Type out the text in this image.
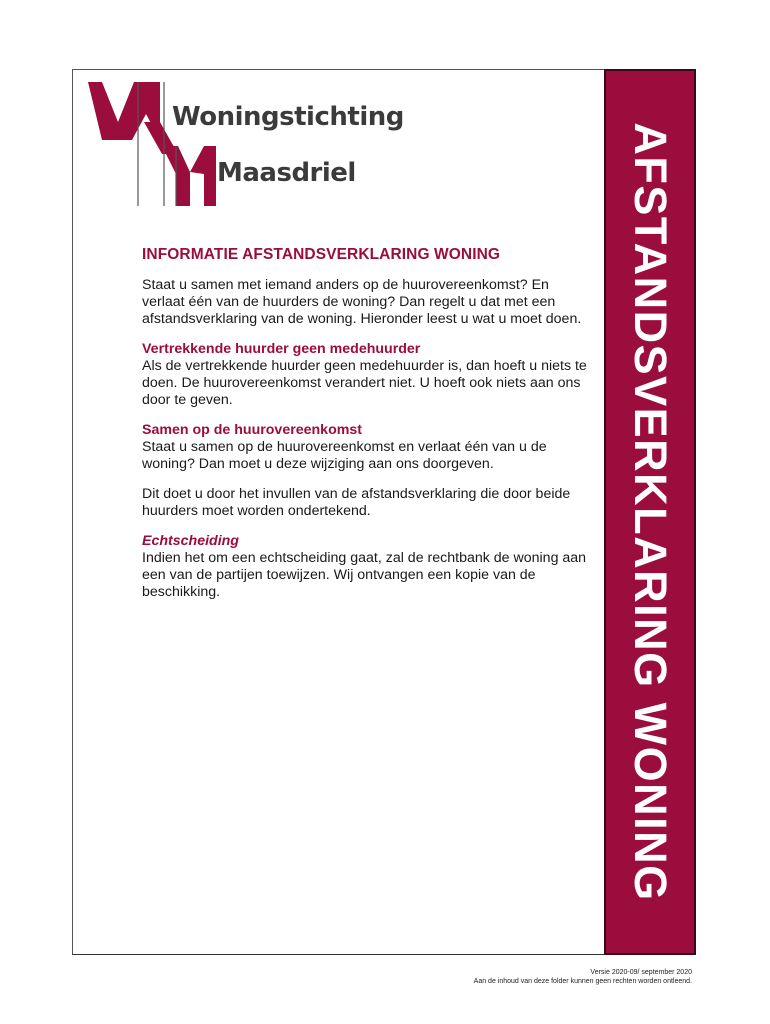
AFSTANDSVERKLARING WONING
Woningstichting
Maasdriel
INFORMATIE AFSTANDSVERKLARING WONING

Staat u samen met iemand anders op de huurovereenkomst? En verlaat één van de huurders de woning? Dan regelt u dat met een afstandsverklaring van de woning. Hieronder leest u wat u moet doen.

Vertrekkende huurder geen medehuurder

Als de vertrekkende huurder geen medehuurder is, dan hoeft u niets te doen. De huurovereenkomst verandert niet. U hoeft ook niets aan ons door te geven.

Samen op de huurovereenkomst

Staat u samen op de huurovereenkomst en verlaat één van u de woning? Dan moet u deze wijziging aan ons doorgeven.

Dit doet u door het invullen van de afstandsverklaring die door beide huurders moet worden ondertekend.

Echtscheiding

Indien het om een echtscheiding gaat, zal de rechtbank de woning aan een van de partijen toewijzen. Wij ontvangen een kopie van de beschikking.

Versie 2020-09/ september 2020
Aan de inhoud van deze folder kunnen geen rechten worden ontleend.
